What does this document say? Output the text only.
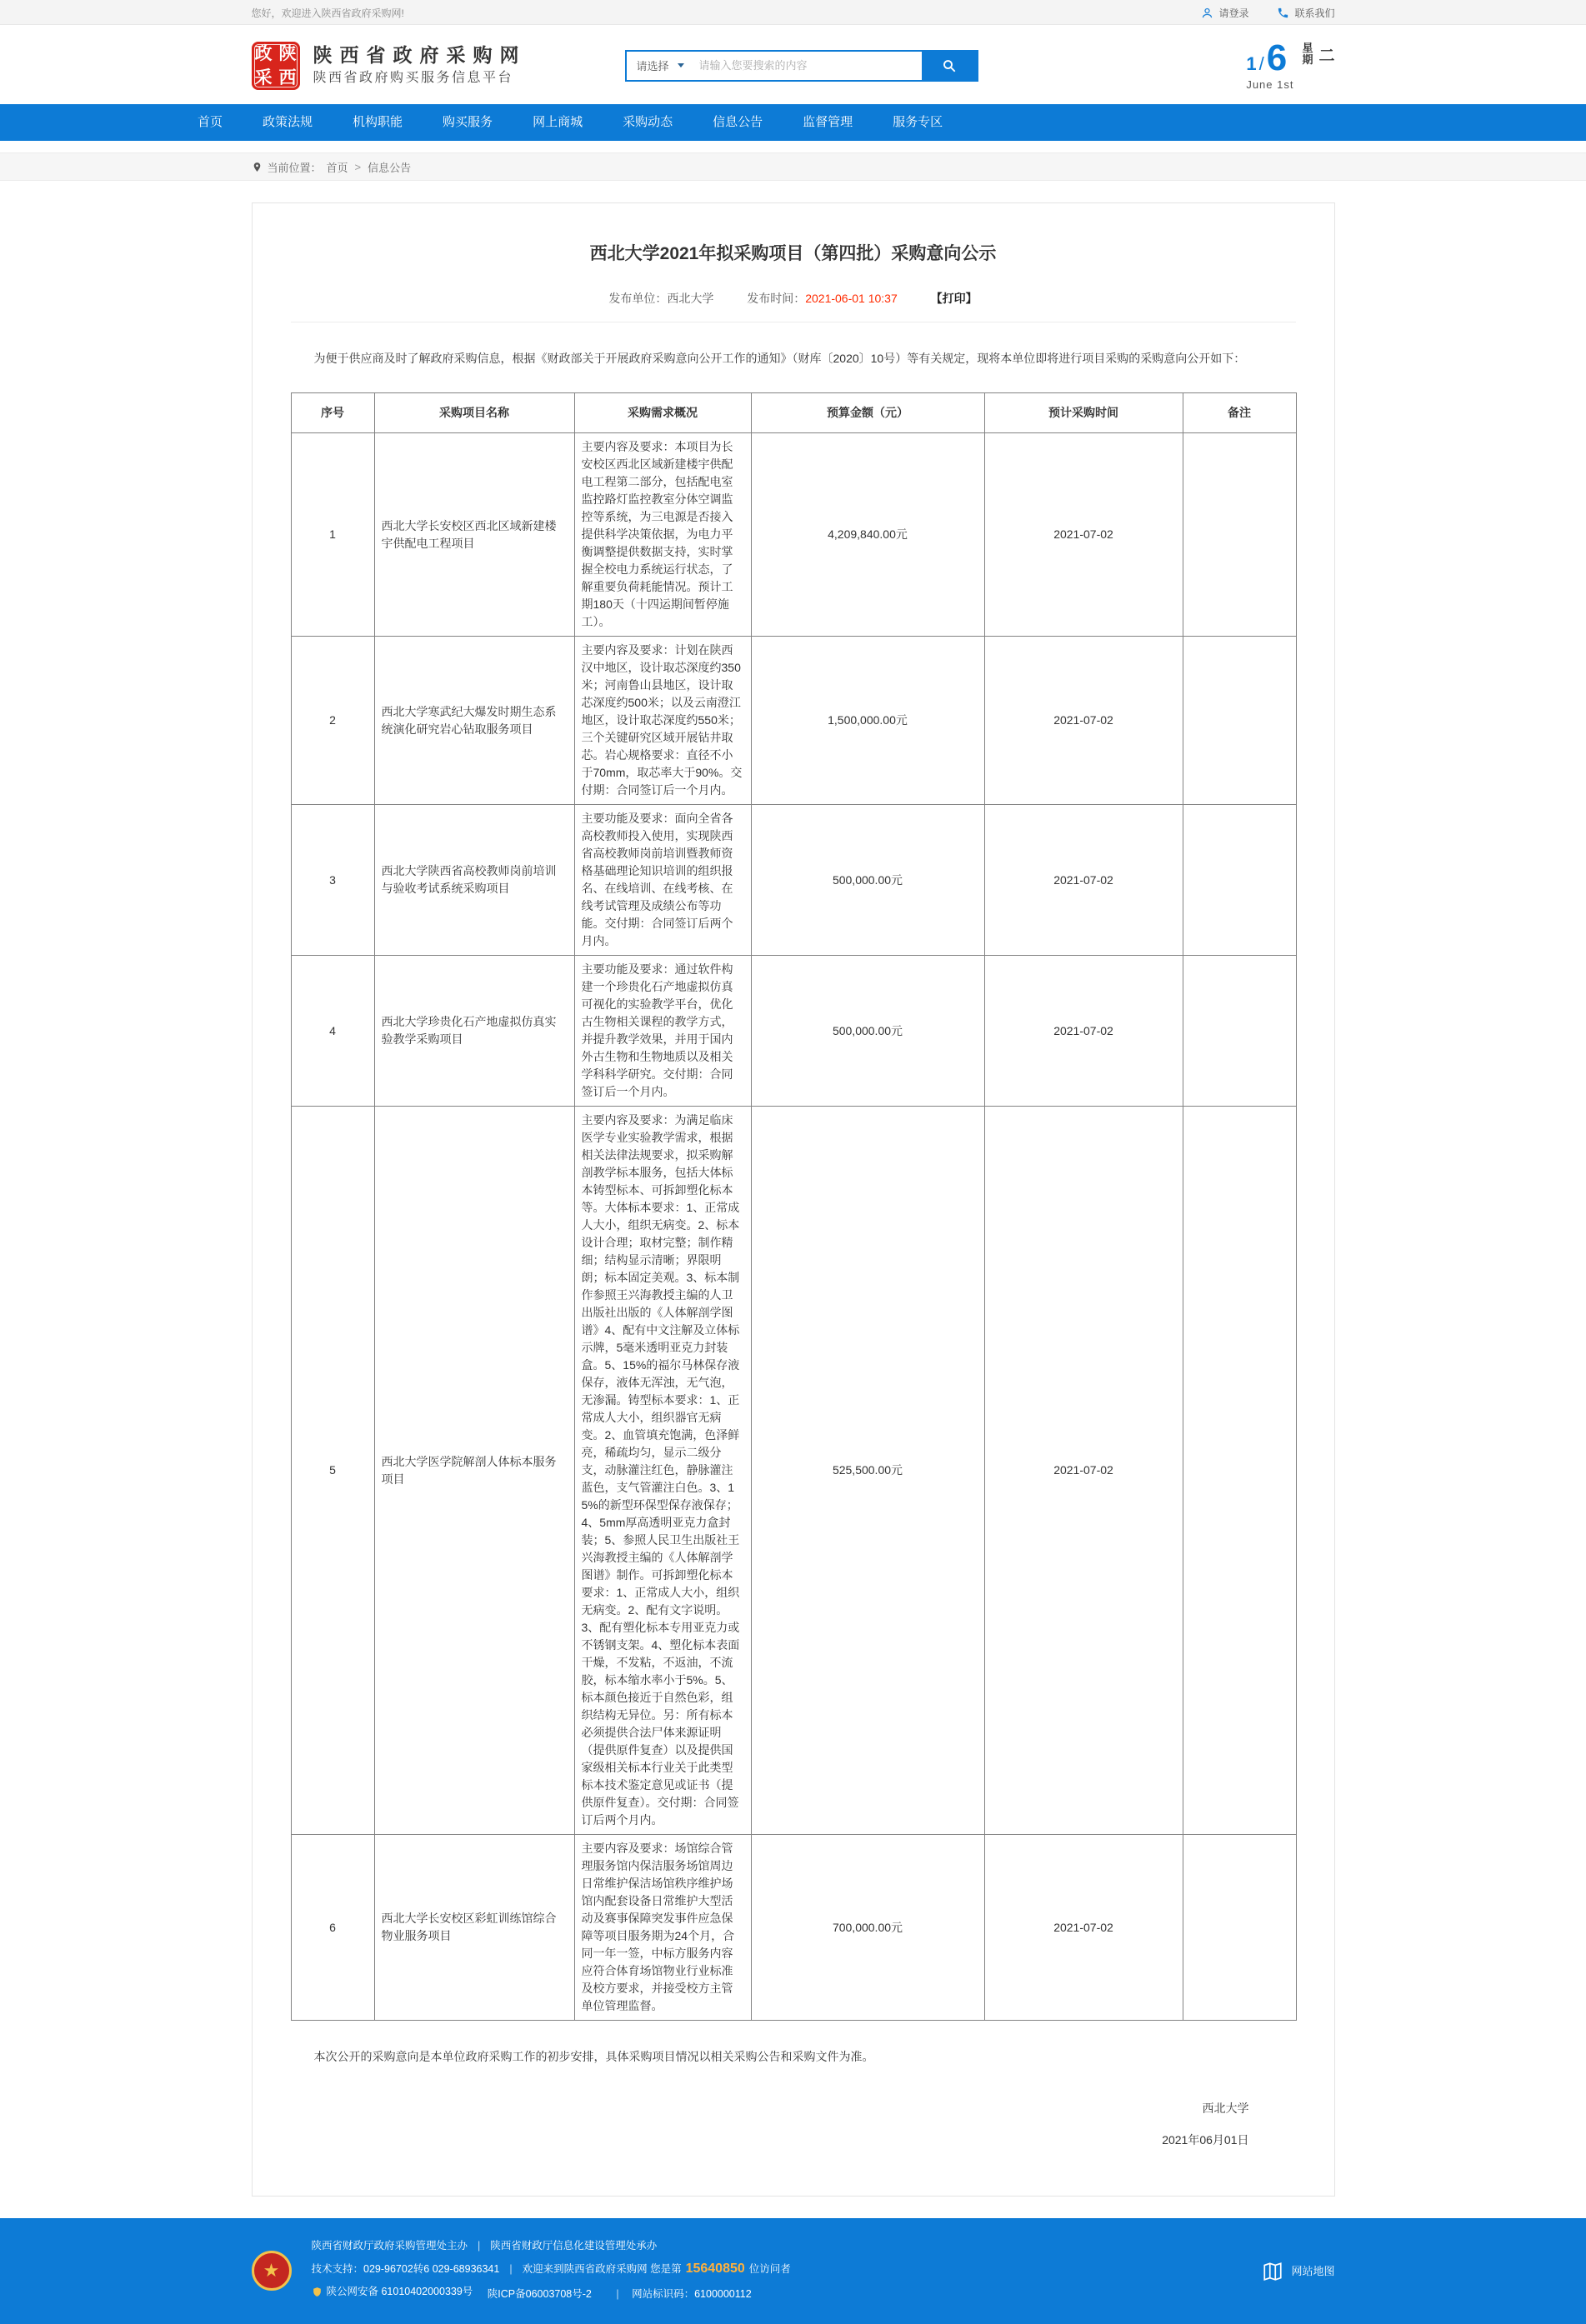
您好，欢迎进入陕西省政府采购网!	请登录	联系我们
政 陕
采 西
陕西省政府采购网
陕西省政府购买服务信息平台
请选择
请输入您要搜索的内容	1 / 6
June 1st
星
期 二
首页	政策法规	机构职能	购买服务	网上商城	采购动态	信息公告	监督管理	服务专区
当前位置： 首页 > 信息公告
西北大学2021年拟采购项目（第四批）采购意向公示
发布单位：西北大学	发布时间：2021-06-01 10:37	【打印】

为便于供应商及时了解政府采购信息，根据《财政部关于开展政府采购意向公开工作的通知》（财库〔2020〕10号）等有关规定，现将本单位即将进行项目采购的采购意向公开如下：

序号	采购项目名称	采购需求概况	预算金额（元）	预计采购时间	备注
1	西北大学长安校区西北区域新建楼宇供配电工程项目	主要内容及要求：本项目为长安校区西北区域新建楼宇供配电工程第二部分，包括配电室监控路灯监控教室分体空调监控等系统，为三电源是否接入提供科学决策依据，为电力平衡调整提供数据支持，实时掌握全校电力系统运行状态，了解重要负荷耗能情况。预计工期180天（十四运期间暂停施工）。	4,209,840.00元	2021-07-02	
2	西北大学寒武纪大爆发时期生态系统演化研究岩心钻取服务项目	主要内容及要求：计划在陕西汉中地区，设计取芯深度约350米；河南鲁山县地区，设计取芯深度约500米；以及云南澄江地区，设计取芯深度约550米；三个关键研究区域开展钻井取芯。岩心规格要求：直径不小于70mm，取芯率大于90%。交付期：合同签订后一个月内。	1,500,000.00元	2021-07-02	
3	西北大学陕西省高校教师岗前培训与验收考试系统采购项目	主要功能及要求：面向全省各高校教师投入使用，实现陕西省高校教师岗前培训暨教师资格基础理论知识培训的组织报名、在线培训、在线考核、在线考试管理及成绩公布等功能。交付期：合同签订后两个月内。	500,000.00元	2021-07-02	
4	西北大学珍贵化石产地虚拟仿真实验教学采购项目	主要功能及要求：通过软件构建一个珍贵化石产地虚拟仿真可视化的实验教学平台，优化古生物相关课程的教学方式，并提升教学效果，并用于国内外古生物和生物地质以及相关学科科学研究。交付期：合同签订后一个月内。	500,000.00元	2021-07-02	
5	西北大学医学院解剖人体标本服务项目	主要内容及要求：为满足临床医学专业实验教学需求，根据相关法律法规要求，拟采购解剖教学标本服务，包括大体标本铸型标本、可拆卸塑化标本等。大体标本要求：1、正常成人大小，组织无病变。2、标本设计合理；取材完整；制作精细；结构显示清晰；界限明朗；标本固定美观。3、标本制作参照王兴海教授主编的人卫出版社出版的《人体解剖学图谱》4、配有中文注解及立体标示牌，5毫米透明亚克力封装盒。5、15%的福尔马林保存液保存，液体无浑浊，无气泡，无渗漏。铸型标本要求：1、正常成人大小，组织器官无病变。2、血管填充饱满，色泽鲜亮，稀疏均匀，显示二级分支，动脉灌注红色，静脉灌注蓝色，支气管灌注白色。3、15%的新型环保型保存液保存；4、5mm厚高透明亚克力盒封装；5、参照人民卫生出版社王兴海教授主编的《人体解剖学图谱》制作。可拆卸塑化标本要求：1、正常成人大小，组织无病变。2、配有文字说明。3、配有塑化标本专用亚克力或不锈钢支架。4、塑化标本表面干燥，不发粘，不返油，不流胶，标本缩水率小于5%。5、标本颜色接近于自然色彩，组织结构无异位。另：所有标本必须提供合法尸体来源证明（提供原件复查）以及提供国家级相关标本行业关于此类型标本技术鉴定意见或证书（提供原件复查）。交付期：合同签订后两个月内。	525,500.00元	2021-07-02	
6	西北大学长安校区彩虹训练馆综合物业服务项目	主要内容及要求：场馆综合管理服务馆内保洁服务场馆周边日常维护保洁场馆秩序维护场馆内配套设备日常维护大型活动及赛事保障突发事件应急保障等项目服务期为24个月，合同一年一签，中标方服务内容应符合体育场馆物业行业标准及校方要求，并接受校方主管单位管理监督。	700,000.00元	2021-07-02	

本次公开的采购意向是本单位政府采购工作的初步安排，具体采购项目情况以相关采购公告和采购文件为准。

西北大学
2021年06月01日
★
陕西省财政厅政府采购管理处主办 | 陕西省财政厅信息化建设管理处承办
技术支持：029-96702转6 029-68936341 | 欢迎来到陕西省政府采购网 您是第 15640850 位访问者
陕公网安备 61010402000339号
陕ICP备06003708号-2 | 网站标识码：6100000112
网站地图
